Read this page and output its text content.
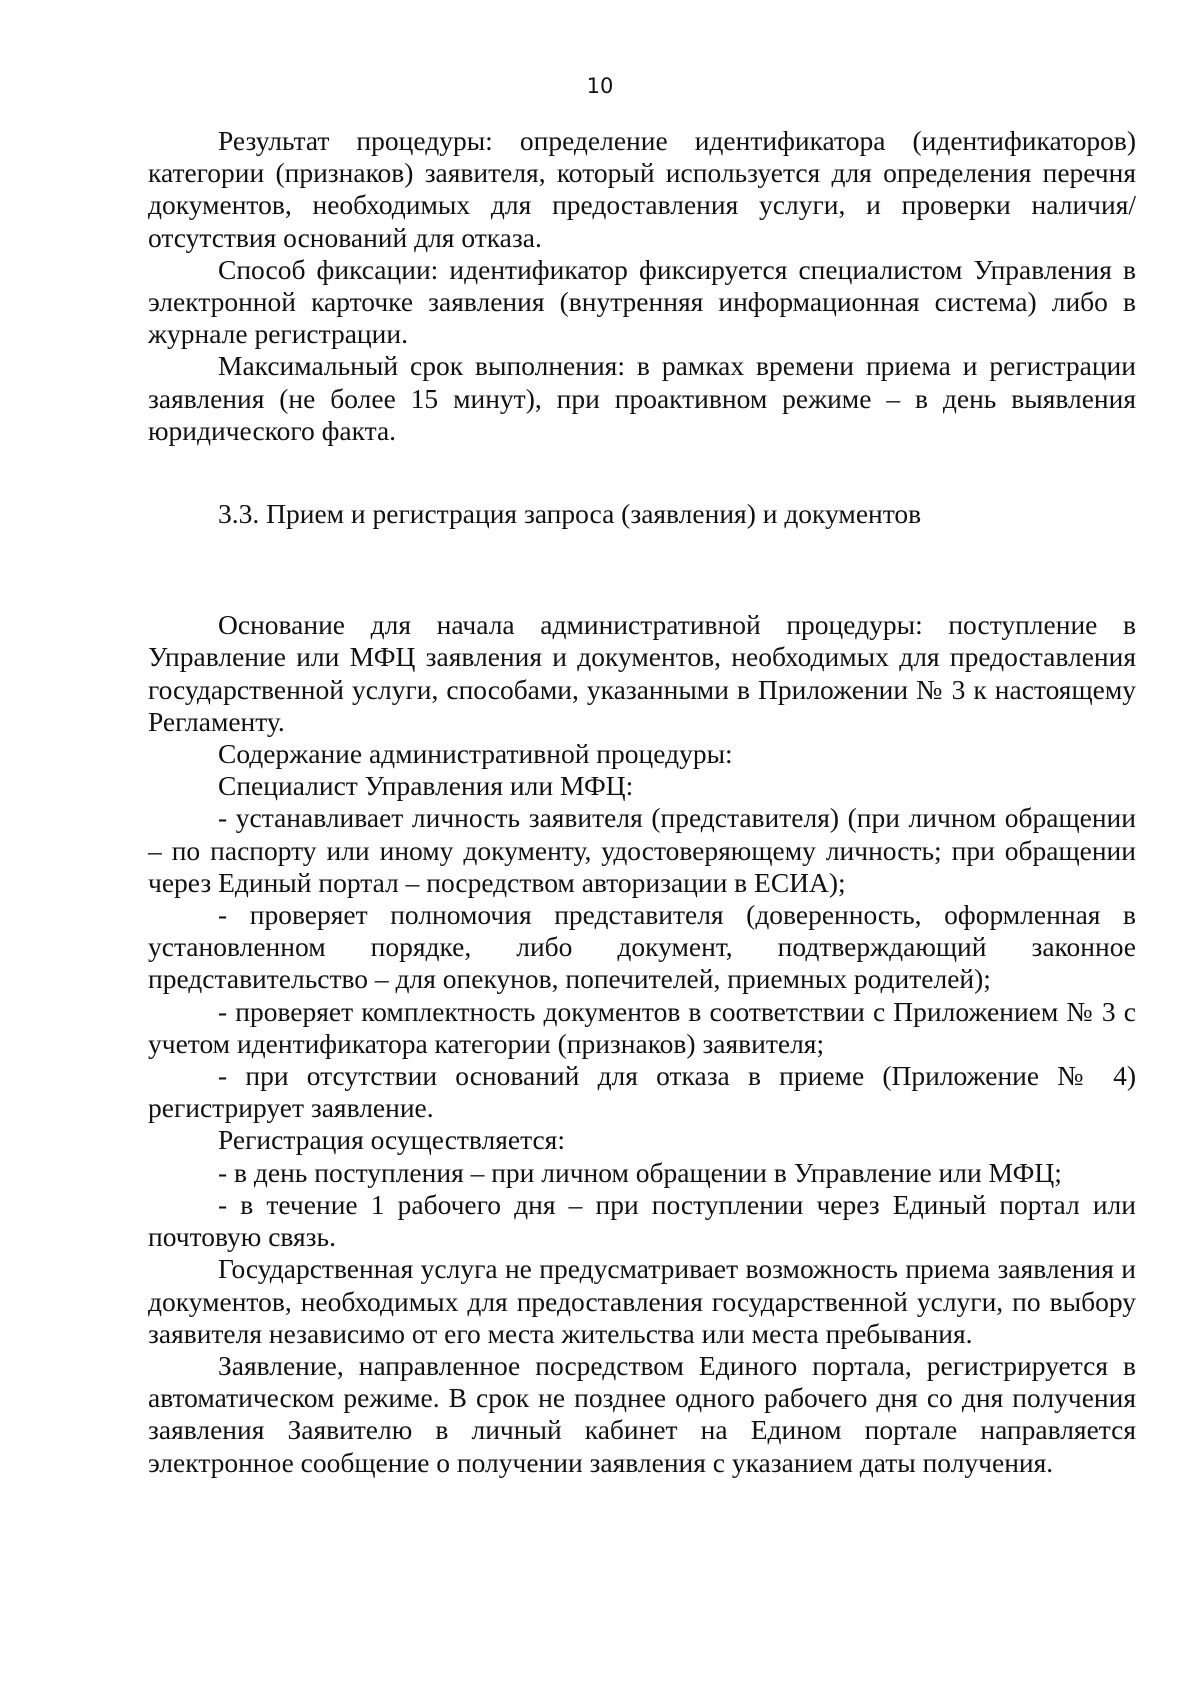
10

Результат процедуры: определение идентификатора (идентификаторов) категории (признаков) заявителя, который используется для определения перечня документов, необходимых для предоставления услуги, и проверки наличия/отсутствия оснований для отказа.

Способ фиксации: идентификатор фиксируется специалистом Управления в электронной карточке заявления (внутренняя информационная система) либо в журнале регистрации.

Максимальный срок выполнения: в рамках времени приема и регистрации заявления (не более 15 минут), при проактивном режиме – в день выявления юридического факта.

3.3. Прием и регистрация запроса (заявления) и документов

Основание для начала административной процедуры: поступление в Управление или МФЦ заявления и документов, необходимых для предоставления государственной услуги, способами, указанными в Приложении № 3 к настоящему Регламенту.

Содержание административной процедуры:

Специалист Управления или МФЦ:

- устанавливает личность заявителя (представителя) (при личном обращении – по паспорту или иному документу, удостоверяющему личность; при обращении через Единый портал – посредством авторизации в ЕСИА);

- проверяет полномочия представителя (доверенность, оформленная в установленном порядке, либо документ, подтверждающий законное представительство – для опекунов, попечителей, приемных родителей);

- проверяет комплектность документов в соответствии с Приложением № 3 с учетом идентификатора категории (признаков) заявителя;

- при отсутствии оснований для отказа в приеме (Приложение № 4) регистрирует заявление.

Регистрация осуществляется:

- в день поступления – при личном обращении в Управление или МФЦ;

- в течение 1 рабочего дня – при поступлении через Единый портал или почтовую связь.

Государственная услуга не предусматривает возможность приема заявления и документов, необходимых для предоставления государственной услуги, по выбору заявителя независимо от его места жительства или места пребывания.

Заявление, направленное посредством Единого портала, регистрируется в автоматическом режиме. В срок не позднее одного рабочего дня со дня получения заявления Заявителю в личный кабинет на Едином портале направляется электронное сообщение о получении заявления с указанием даты получения.
